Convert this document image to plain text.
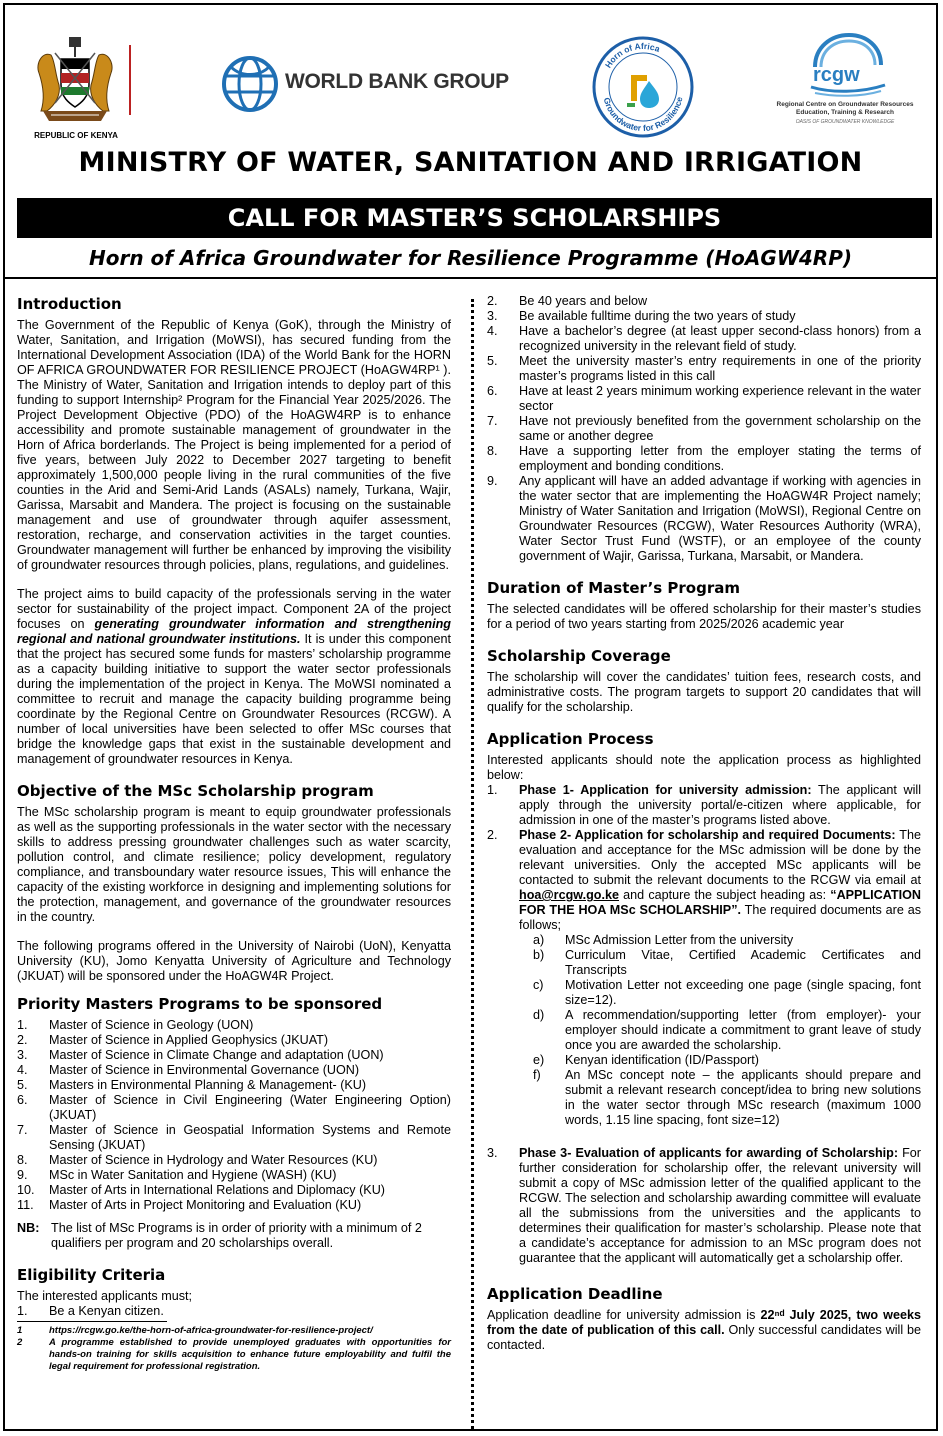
REPUBLIC OF KENYA
WORLD BANK GROUP
Horn of Africa
Groundwater for Resilience
rcgw
Regional Centre on Groundwater Resources Education, Training & Research
OASIS OF GROUNDWATER KNOWLEDGE
MINISTRY OF WATER, SANITATION AND IRRIGATION
CALL FOR MASTER’S SCHOLARSHIPS
Horn of Africa Groundwater for Resilience Programme (HoAGW4RP)
Introduction

The Government of the Republic of Kenya (GoK), through the Ministry of Water, Sanitation, and Irrigation (MoWSI), has secured funding from the International Development Association (IDA) of the World Bank for the HORN OF AFRICA GROUNDWATER FOR RESILIENCE PROJECT (HoAGW4RP¹ ). The Ministry of Water, Sanitation and Irrigation intends to deploy part of this funding to support Internship² Program for the Financial Year 2025/2026. The Project Development Objective (PDO) of the HoAGW4RP is to enhance accessibility and promote sustainable management of groundwater in the Horn of Africa borderlands. The Project is being implemented for a period of five years, between July 2022 to December 2027 targeting to benefit approximately 1,500,000 people living in the rural communities of the five counties in the Arid and Semi-Arid Lands (ASALs) namely, Turkana, Wajir, Garissa, Marsabit and Mandera. The project is focusing on the sustainable management and use of groundwater through aquifer assessment, restoration, recharge, and conservation activities in the target counties. Groundwater management will further be enhanced by improving the visibility of groundwater resources through policies, plans, regulations, and guidelines.

The project aims to build capacity of the professionals serving in the water sector for sustainability of the project impact. Component 2A of the project focuses on generating groundwater information and strengthening regional and national groundwater institutions. It is under this component that the project has secured some funds for masters’ scholarship programme as a capacity building initiative to support the water sector professionals during the implementation of the project in Kenya. The MoWSI nominated a committee to recruit and manage the capacity building programme being coordinate by the Regional Centre on Groundwater Resources (RCGW). A number of local universities have been selected to offer MSc courses that bridge the knowledge gaps that exist in the sustainable development and management of groundwater resources in Kenya.

Objective of the MSc Scholarship program

The MSc scholarship program is meant to equip groundwater professionals as well as the supporting professionals in the water sector with the necessary skills to address pressing groundwater challenges such as water scarcity, pollution control, and climate resilience; policy development, regulatory compliance, and transboundary water resource issues, This will enhance the capacity of the existing workforce in designing and implementing solutions for the protection, management, and governance of the groundwater resources in the country.

The following programs offered in the University of Nairobi (UoN), Kenyatta University (KU), Jomo Kenyatta University of Agriculture and Technology (JKUAT) will be sponsored under the HoAGW4R Project.

Priority Masters Programs to be sponsored
1. Master of Science in Geology (UON)
2. Master of Science in Applied Geophysics (JKUAT)
3. Master of Science in Climate Change and adaptation (UON)
4. Master of Science in Environmental Governance (UON)
5. Masters in Environmental Planning & Management- (KU)
6. Master of Science in Civil Engineering (Water Engineering Option) (JKUAT)
7. Master of Science in Geospatial Information Systems and Remote Sensing (JKUAT)
8. Master of Science in Hydrology and Water Resources (KU)
9. MSc in Water Sanitation and Hygiene (WASH) (KU)
10. Master of Arts in International Relations and Diplomacy (KU)
11. Master of Arts in Project Monitoring and Evaluation (KU)
NB: The list of MSc Programs is in order of priority with a minimum of 2 qualifiers per program and 20 scholarships overall.
Eligibility Criteria

The interested applicants must;

1. Be a Kenyan citizen.
1	https://rcgw.go.ke/the-horn-of-africa-groundwater-for-resilience-project/
2	A programme established to provide unemployed graduates with opportunities for hands-on training for skills acquisition to enhance future employability and fulfil the legal requirement for professional registration.
2. Be 40 years and below
3. Be available fulltime during the two years of study
4. Have a bachelor’s degree (at least upper second-class honors) from a recognized university in the relevant field of study.
5. Meet the university master’s entry requirements in one of the priority master’s programs listed in this call
6. Have at least 2 years minimum working experience relevant in the water sector
7. Have not previously benefited from the government scholarship on the same or another degree
8. Have a supporting letter from the employer stating the terms of employment and bonding conditions.
9. Any applicant will have an added advantage if working with agencies in the water sector that are implementing the HoAGW4R Project namely; Ministry of Water Sanitation and Irrigation (MoWSI), Regional Centre on Groundwater Resources (RCGW), Water Resources Authority (WRA), Water Sector Trust Fund (WSTF), or an employee of the county government of Wajir, Garissa, Turkana, Marsabit, or Mandera.
Duration of Master’s Program

The selected candidates will be offered scholarship for their master’s studies for a period of two years starting from 2025/2026 academic year

Scholarship Coverage

The scholarship will cover the candidates’ tuition fees, research costs, and administrative costs. The program targets to support 20 candidates that will qualify for the scholarship.

Application Process

Interested applicants should note the application process as highlighted below:

1. Phase 1- Application for university admission: The applicant will apply through the university portal/e-citizen where applicable, for admission in one of the master’s programs listed above.
2. Phase 2- Application for scholarship and required Documents: The evaluation and acceptance for the MSc admission will be done by the relevant universities. Only the accepted MSc applicants will be contacted to submit the relevant documents to the RCGW via email at hoa@rcgw.go.ke and capture the subject heading as: “APPLICATION FOR THE HOA MSc SCHOLARSHIP”. The required documents are as follows;
a) MSc Admission Letter from the university
b) Curriculum Vitae, Certified Academic Certificates and Transcripts
c) Motivation Letter not exceeding one page (single spacing, font size=12).
d) A recommendation/supporting letter (from employer)- your employer should indicate a commitment to grant leave of study once you are awarded the scholarship.
e) Kenyan identification (ID/Passport)
f) An MSc concept note – the applicants should prepare and submit a relevant research concept/idea to bring new solutions in the water sector through MSc research (maximum 1000 words, 1.15 line spacing, font size=12)
3. Phase 3- Evaluation of applicants for awarding of Scholarship: For further consideration for scholarship offer, the relevant university will submit a copy of MSc admission letter of the qualified applicant to the RCGW. The selection and scholarship awarding committee will evaluate all the submissions from the universities and the applicants to determines their qualification for master’s scholarship. Please note that a candidate’s acceptance for admission to an MSc program does not guarantee that the applicant will automatically get a scholarship offer.
Application Deadline

Application deadline for university admission is 22ⁿᵈ July 2025, two weeks from the date of publication of this call. Only successful candidates will be contacted.
